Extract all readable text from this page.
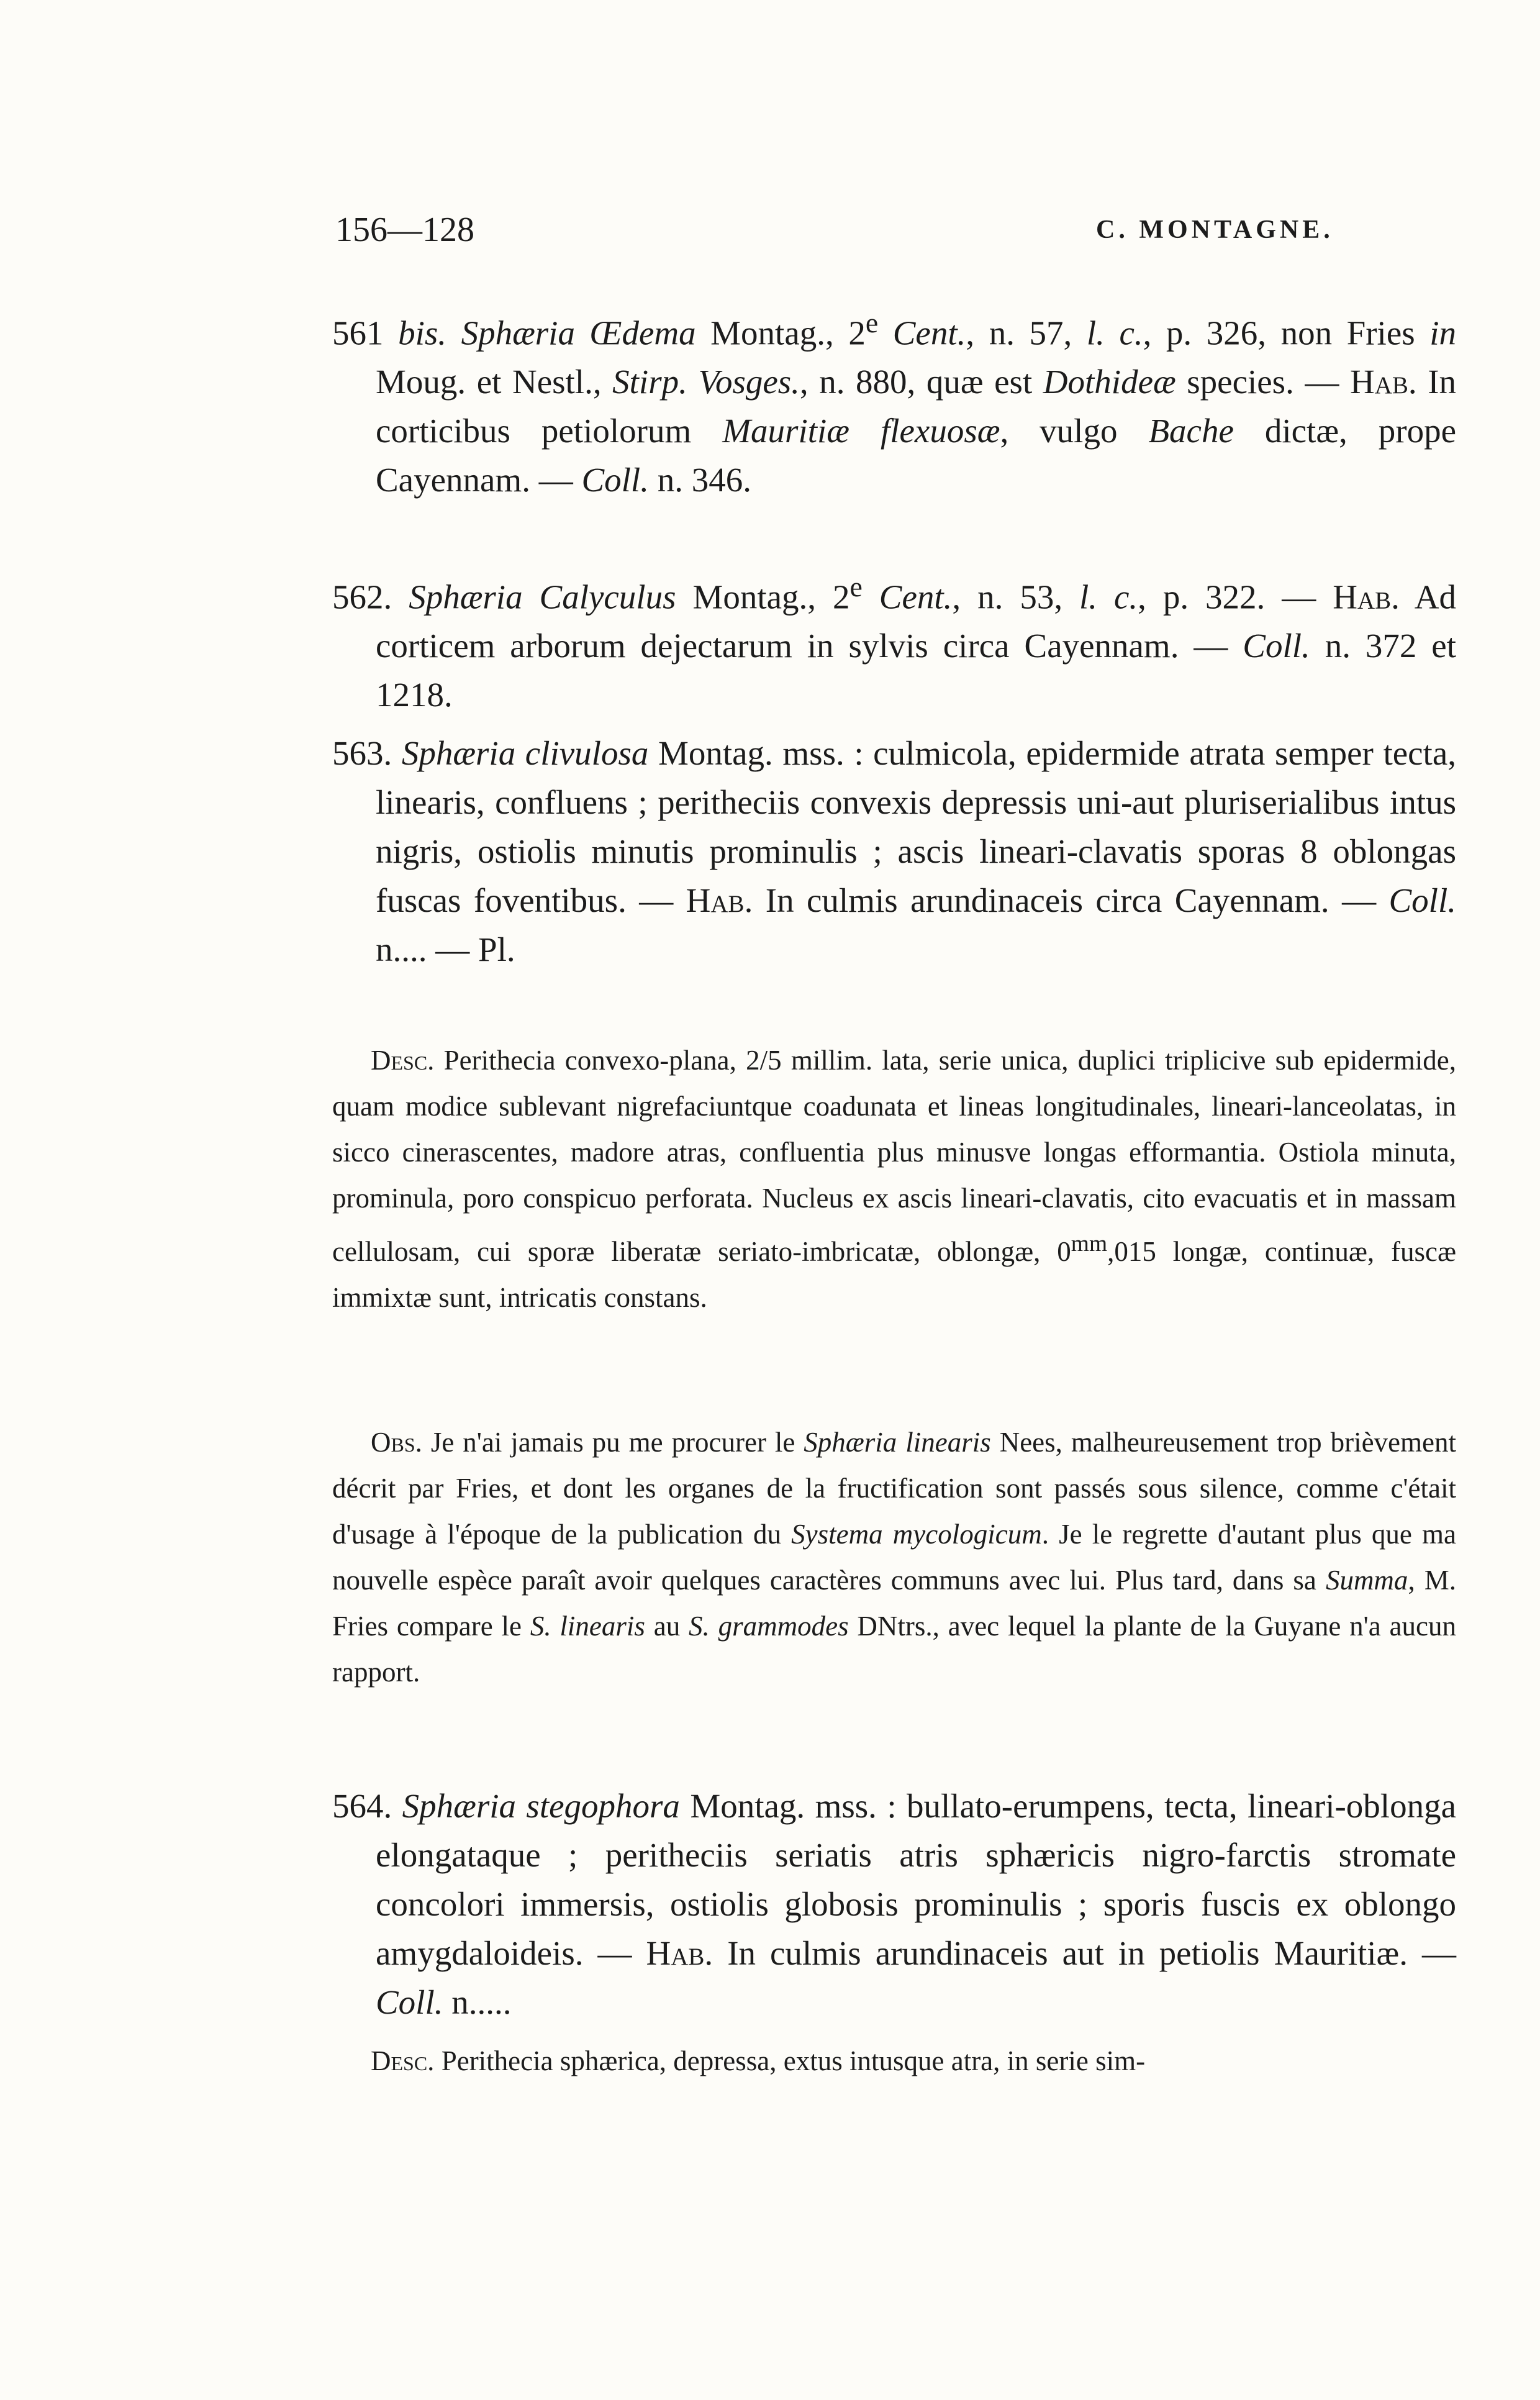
156—128	C. MONTAGNE.

561 bis. Sphæria Œdema Montag., 2e Cent., n. 57, l. c., p. 326, non Fries in Moug. et Nestl., Stirp. Vosges., n. 880, quæ est Dothideæ species. — Hab. In corticibus petiolorum Mauritiæ flexuosæ, vulgo Bache dictæ, prope Cayennam. — Coll. n. 346.

562. Sphæria Calyculus Montag., 2e Cent., n. 53, l. c., p. 322. — Hab. Ad corticem arborum dejectarum in sylvis circa Cayennam. — Coll. n. 372 et 1218.

563. Sphæria clivulosa Montag. mss. : culmicola, epidermide atrata semper tecta, linearis, confluens ; peritheciis convexis depressis uni-aut pluriserialibus intus nigris, ostiolis minutis prominulis ; ascis lineari-clavatis sporas 8 oblongas fuscas foventibus. — Hab. In culmis arundinaceis circa Cayennam. — Coll. n.... — Pl.

Desc. Perithecia convexo-plana, 2/5 millim. lata, serie unica, duplici triplicive sub epidermide, quam modice sublevant nigrefaciuntque coadunata et lineas longitudinales, lineari-lanceolatas, in sicco cinerascentes, madore atras, confluentia plus minusve longas efformantia. Ostiola minuta, prominula, poro conspicuo perforata. Nucleus ex ascis lineari-clavatis, cito evacuatis et in massam cellulosam, cui sporæ liberatæ seriato-imbricatæ, oblongæ, $0^{mm},015$ longæ, continuæ, fuscæ immixtæ sunt, intricatis constans.

Obs. Je n'ai jamais pu me procurer le Sphæria linearis Nees, malheureusement trop brièvement décrit par Fries, et dont les organes de la fructification sont passés sous silence, comme c'était d'usage à l'époque de la publication du Systema mycologicum. Je le regrette d'autant plus que ma nouvelle espèce paraît avoir quelques caractères communs avec lui. Plus tard, dans sa Summa, M. Fries compare le S. linearis au S. grammodes DNtrs., avec lequel la plante de la Guyane n'a aucun rapport.

564. Sphæria stegophora Montag. mss. : bullato-erumpens, tecta, lineari-oblonga elongataque ; peritheciis seriatis atris sphæricis nigro-farctis stromate concolori immersis, ostiolis globosis prominulis ; sporis fuscis ex oblongo amygdaloideis. — Hab. In culmis arundinaceis aut in petiolis Mauritiæ. — Coll. n.....

Desc. Perithecia sphærica, depressa, extus intusque atra, in serie sim-
